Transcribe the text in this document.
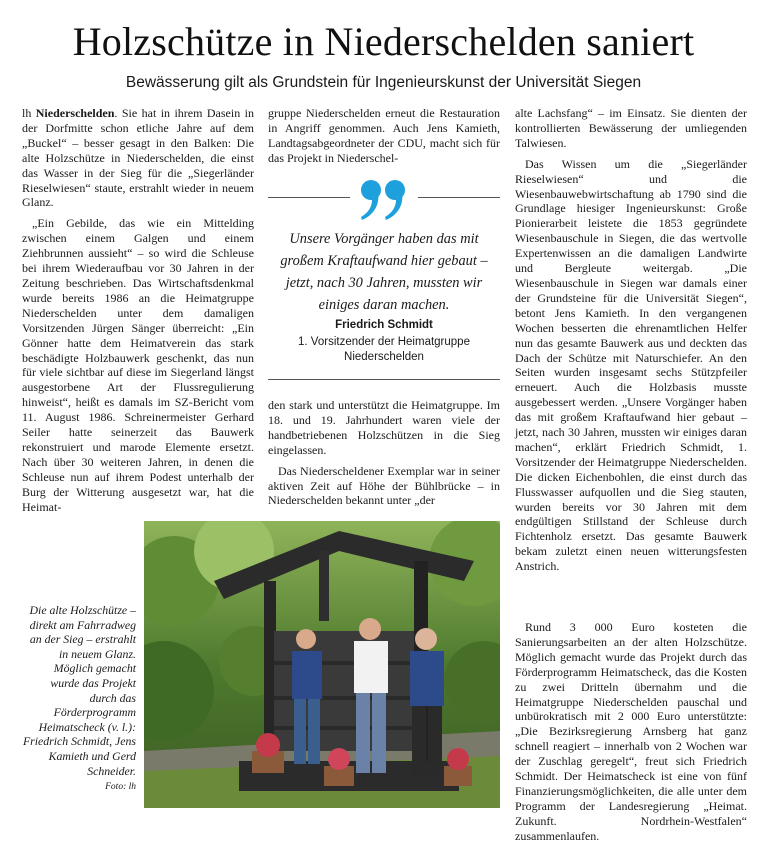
Holzschütze in Niederschelden saniert
Bewässerung gilt als Grundstein für Ingenieurskunst der Universität Siegen

lh Niederschelden. Sie hat in ihrem Dasein in der Dorfmitte schon etliche Jahre auf dem „Buckel“ – besser gesagt in den Balken: Die alte Holzschütze in Niederschelden, die einst das Wasser in der Sieg für die „Siegerländer Rieselwiesen“ staute, erstrahlt wieder in neuem Glanz.

„Ein Gebilde, das wie ein Mittelding zwischen einem Galgen und einem Ziehbrunnen aussieht“ – so wird die Schleuse bei ihrem Wiederaufbau vor 30 Jahren in der Zeitung beschrieben. Das Wirtschaftsdenkmal wurde bereits 1986 an die Heimatgruppe Niederschelden unter dem damaligen Vorsitzenden Jürgen Sänger überreicht: „Ein Gönner hatte dem Heimatverein das stark beschädigte Holzbauwerk geschenkt, das nun für viele sichtbar auf diese im Siegerland längst ausgestorbene Art der Flussregulierung hinweist“, heißt es damals im SZ-Bericht vom 11. August 1986. Schreinermeister Gerhard Seiler hatte seinerzeit das Bauwerk rekonstruiert und marode Elemente ersetzt. Nach über 30 weiteren Jahren, in denen die Schleuse nun auf ihrem Podest unterhalb der Burg der Witterung ausgesetzt war, hat die Heimat-

gruppe Niederschelden erneut die Restauration in Angriff genommen. Auch Jens Kamieth, Landtagsabgeordneter der CDU, macht sich für das Projekt in Niederschel-

Unsere Vorgänger haben das mit großem Kraftaufwand hier gebaut – jetzt, nach 30 Jahren, mussten wir einiges daran machen.
Friedrich Schmidt
1. Vorsitzender der Heimatgruppe Niederschelden

den stark und unterstützt die Heimatgruppe. Im 18. und 19. Jahrhundert waren viele der handbetriebenen Holzschützen in die Sieg eingelassen.

Das Niederscheldener Exemplar war in seiner aktiven Zeit auf Höhe der Bühlbrücke – in Niederschelden bekannt unter „der

alte Lachsfang“ – im Einsatz. Sie dienten der kontrollierten Bewässerung der umliegenden Talwiesen.

Das Wissen um die „Siegerländer Rieselwiesen“ und die Wiesenbauwebwirtschaftung ab 1790 sind die Grundlage hiesiger Ingenieurskunst: Große Pionierarbeit leistete die 1853 gegründete Wiesenbauschule in Siegen, die das wertvolle Expertenwissen an die damaligen Landwirte und Bergleute weitergab. „Die Wiesenbauschule in Siegen war damals einer der Grundsteine für die Universität Siegen“, betont Jens Kamieth. In den vergangenen Wochen besserten die ehrenamtlichen Helfer nun das gesamte Bauwerk aus und deckten das Dach der Schütze mit Naturschiefer. An den Seiten wurden insgesamt sechs Stützpfeiler erneuert. Auch die Holzbasis musste ausgebessert werden. „Unsere Vorgänger haben das mit großem Kraftaufwand hier gebaut – jetzt, nach 30 Jahren, mussten wir einiges daran machen“, erklärt Friedrich Schmidt, 1. Vorsitzender der Heimatgruppe Niederschelden. Die dicken Eichenbohlen, die einst durch das Flusswasser aufquollen und die Sieg stauten, wurden bereits vor 30 Jahren mit dem endgültigen Stillstand der Schleuse durch Fichtenholz ersetzt. Das gesamte Bauwerk bekam zuletzt einen neuen witterungsfesten Anstrich.

Rund 3 000 Euro kosteten die Sanierungsarbeiten an der alten Holzschütze. Möglich gemacht wurde das Projekt durch das Förderprogramm Heimatscheck, das die Kosten zu zwei Dritteln übernahm und die Heimatgruppe Niederschelden pauschal und unbürokratisch mit 2 000 Euro unterstützte: „Die Bezirksregierung Arnsberg hat ganz schnell reagiert – innerhalb von 2 Wochen war der Zuschlag geregelt“, freut sich Friedrich Schmidt. Der Heimatscheck ist eine von fünf Finanzierungsmöglichkeiten, die alle unter dem Programm der Landesregierung „Heimat. Zukunft. Nordrhein-Westfalen“ zusammenlaufen.

Die alte Holzschütze – direkt am Fahrradweg an der Sieg – erstrahlt in neuem Glanz. Möglich gemacht wurde das Projekt durch das Förderprogramm Heimatscheck (v. l.): Friedrich Schmidt, Jens Kamieth und Gerd Schneider.
Foto: lh
